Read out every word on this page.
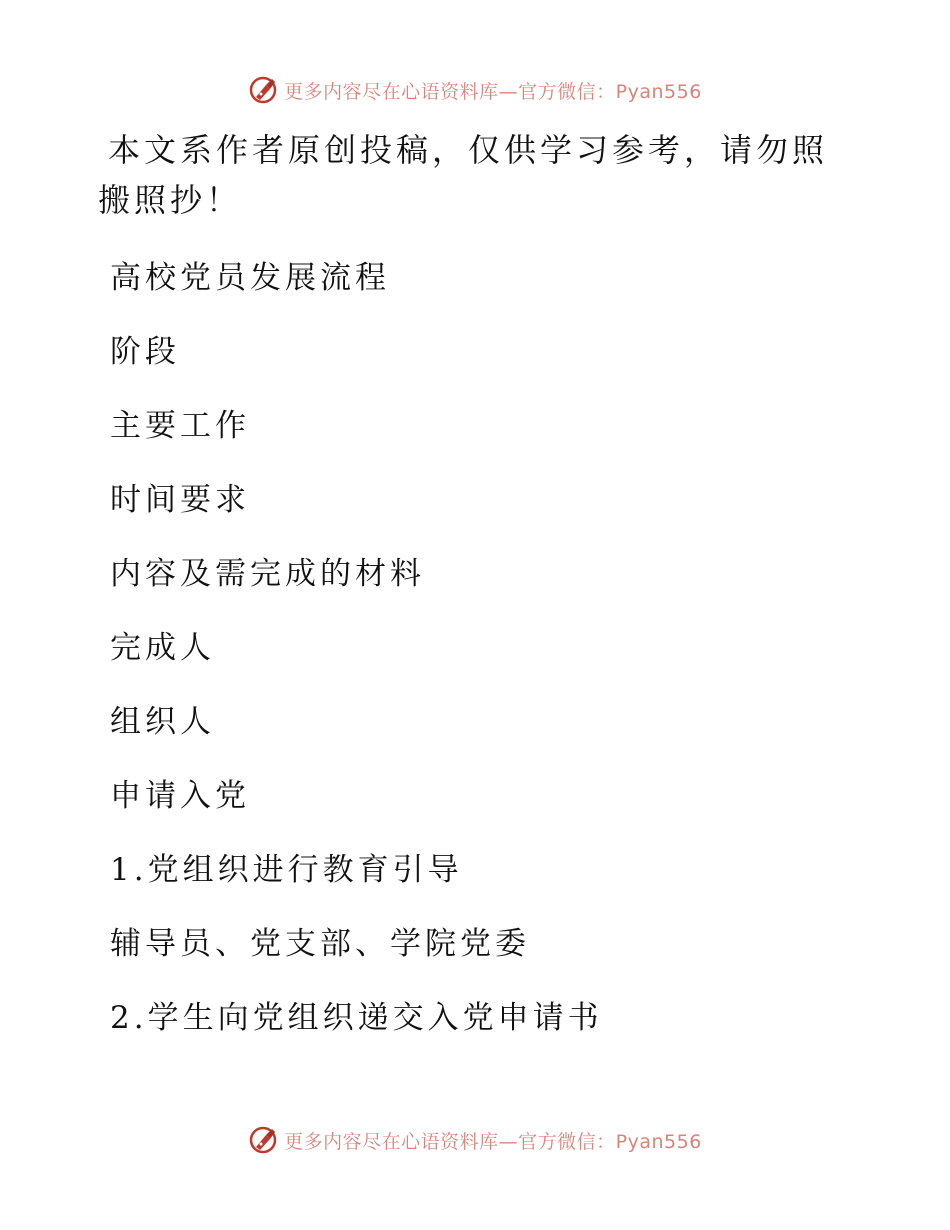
更多内容尽在心语资料库—官方微信：Pyan556
本文系作者原创投稿，仅供学习参考，请勿照搬照抄！
高校党员发展流程
阶段
主要工作
时间要求
内容及需完成的材料
完成人
组织人
申请入党
1.党组织进行教育引导
辅导员、党支部、学院党委
2.学生向党组织递交入党申请书
更多内容尽在心语资料库—官方微信：Pyan556
